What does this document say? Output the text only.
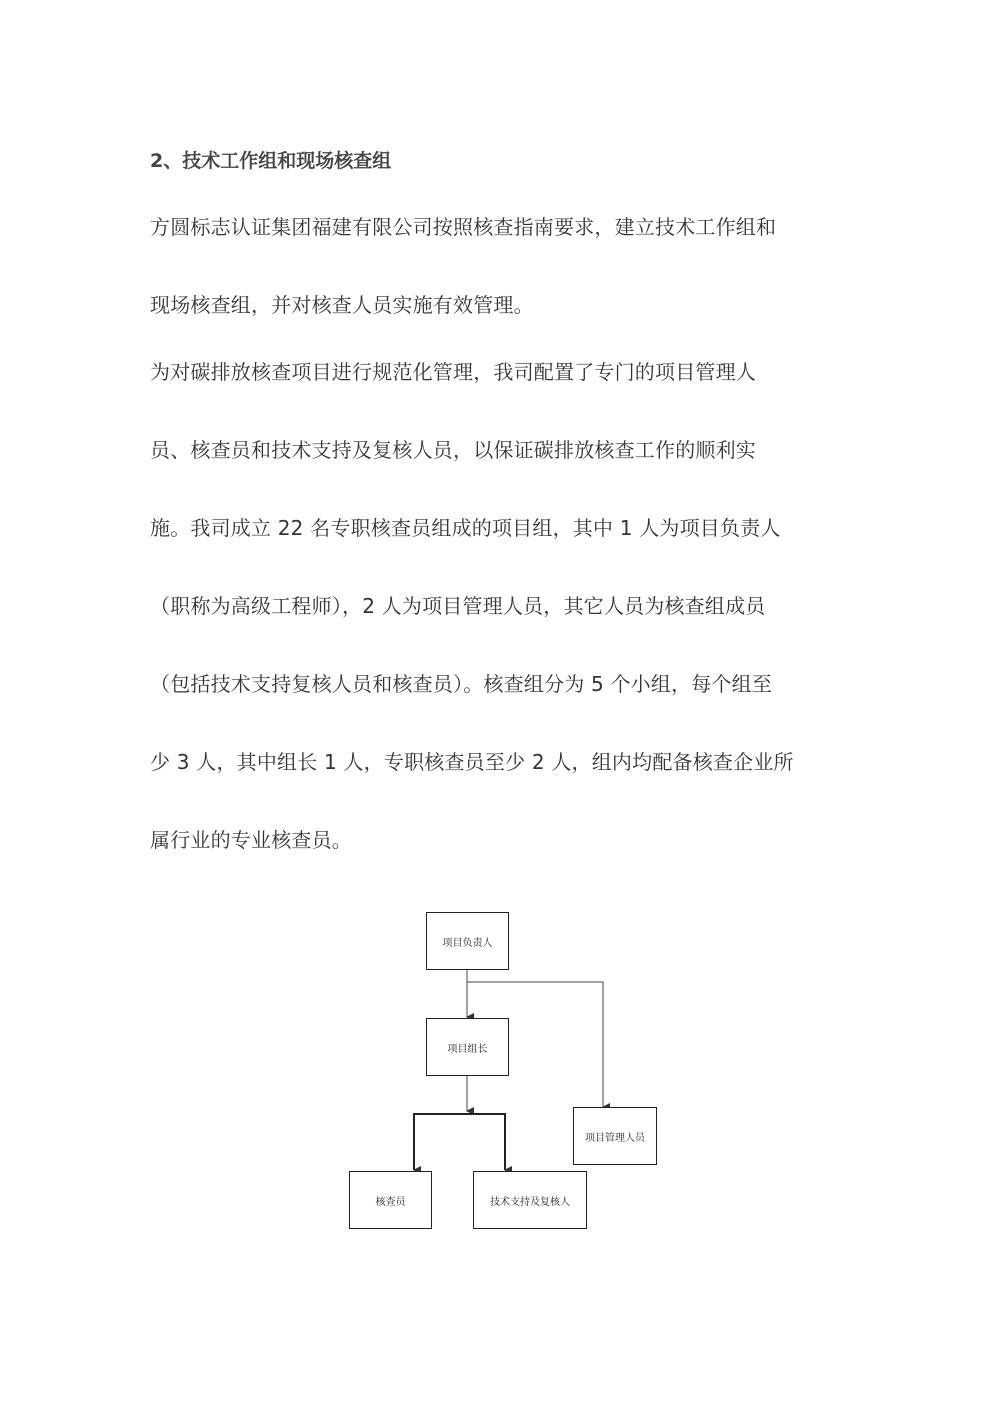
2、技术工作组和现场核查组
方圆标志认证集团福建有限公司按照核查指南要求，建立技术工作组和
现场核查组，并对核查人员实施有效管理。
为对碳排放核查项目进行规范化管理，我司配置了专门的项目管理人
员、核查员和技术支持及复核人员，以保证碳排放核查工作的顺利实
施。我司成立 22 名专职核查员组成的项目组，其中 1 人为项目负责人
（职称为高级工程师），2 人为项目管理人员，其它人员为核查组成员
（包括技术支持复核人员和核查员）。核查组分为 5 个小组，每个组至
少 3 人，其中组长 1 人，专职核查员至少 2 人，组内均配备核查企业所
属行业的专业核查员。
项目负责人
项目组长
项目管理人员
核查员	技术支持及复核人
